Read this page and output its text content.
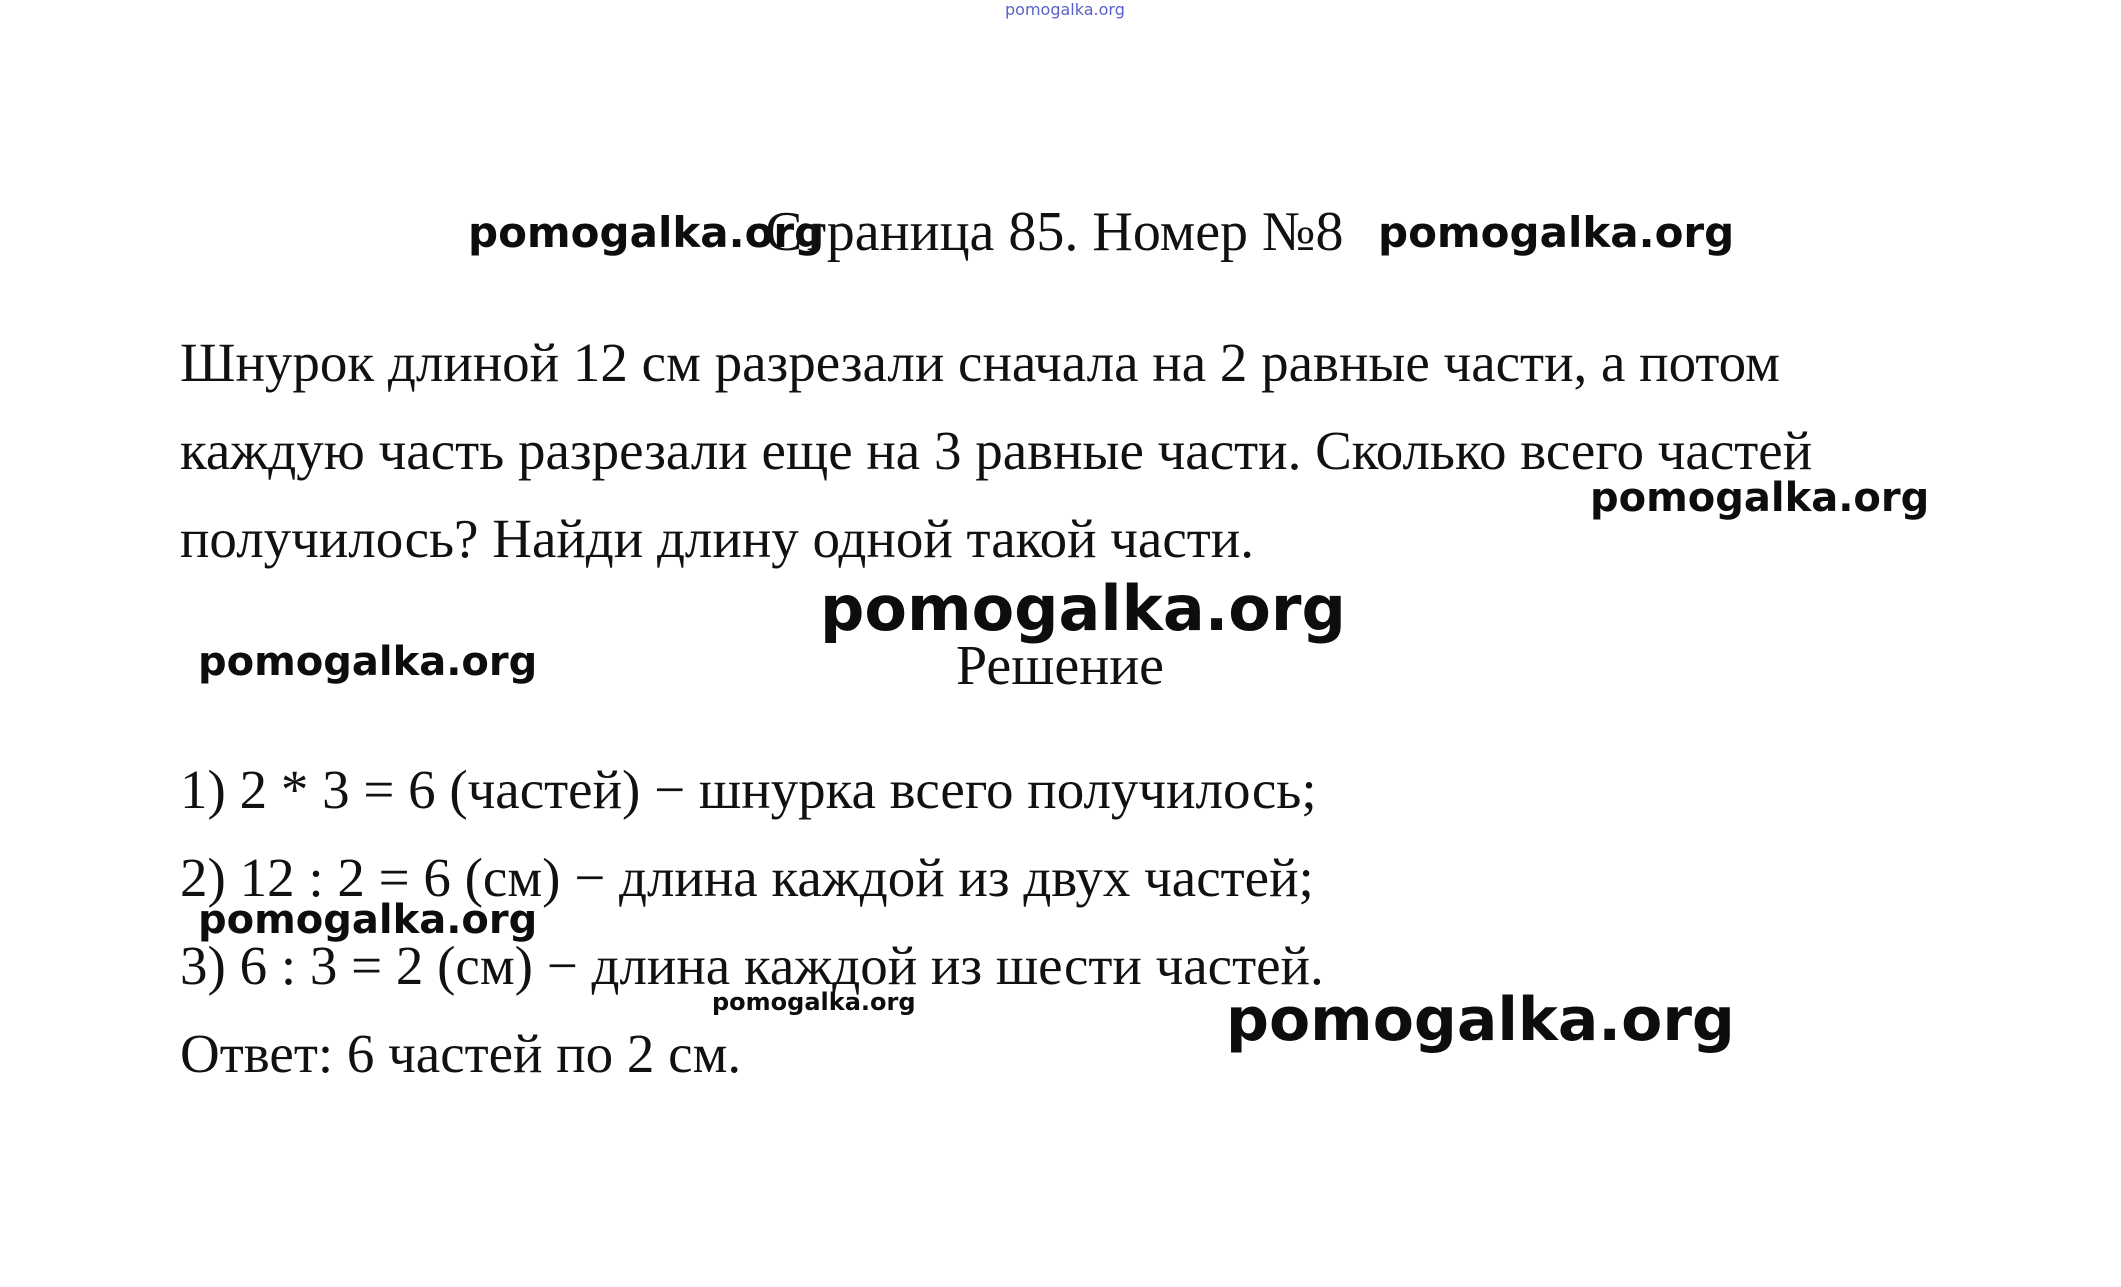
pomogalka.org
pomogalka.org
Страница 85. Номер №8 pomogalka.org
Шнурок длиной 12 см разрезали сначала на 2 равные части, а потом
каждую часть разрезали еще на 3 равные части. Сколько всего частей
получилось? Найди длину одной такой части.
pomogalka.org
pomogalka.org
pomogalka.org	Решение
1) 2 * 3 = 6 (частей) − шнурка всего получилось;
2) 12 : 2 = 6 (см) − длина каждой из двух частей;
3) 6 : 3 = 2 (см) − длина каждой из шести частей.
Ответ: 6 частей по 2 см.
pomogalka.org
pomogalka.org	pomogalka.org
